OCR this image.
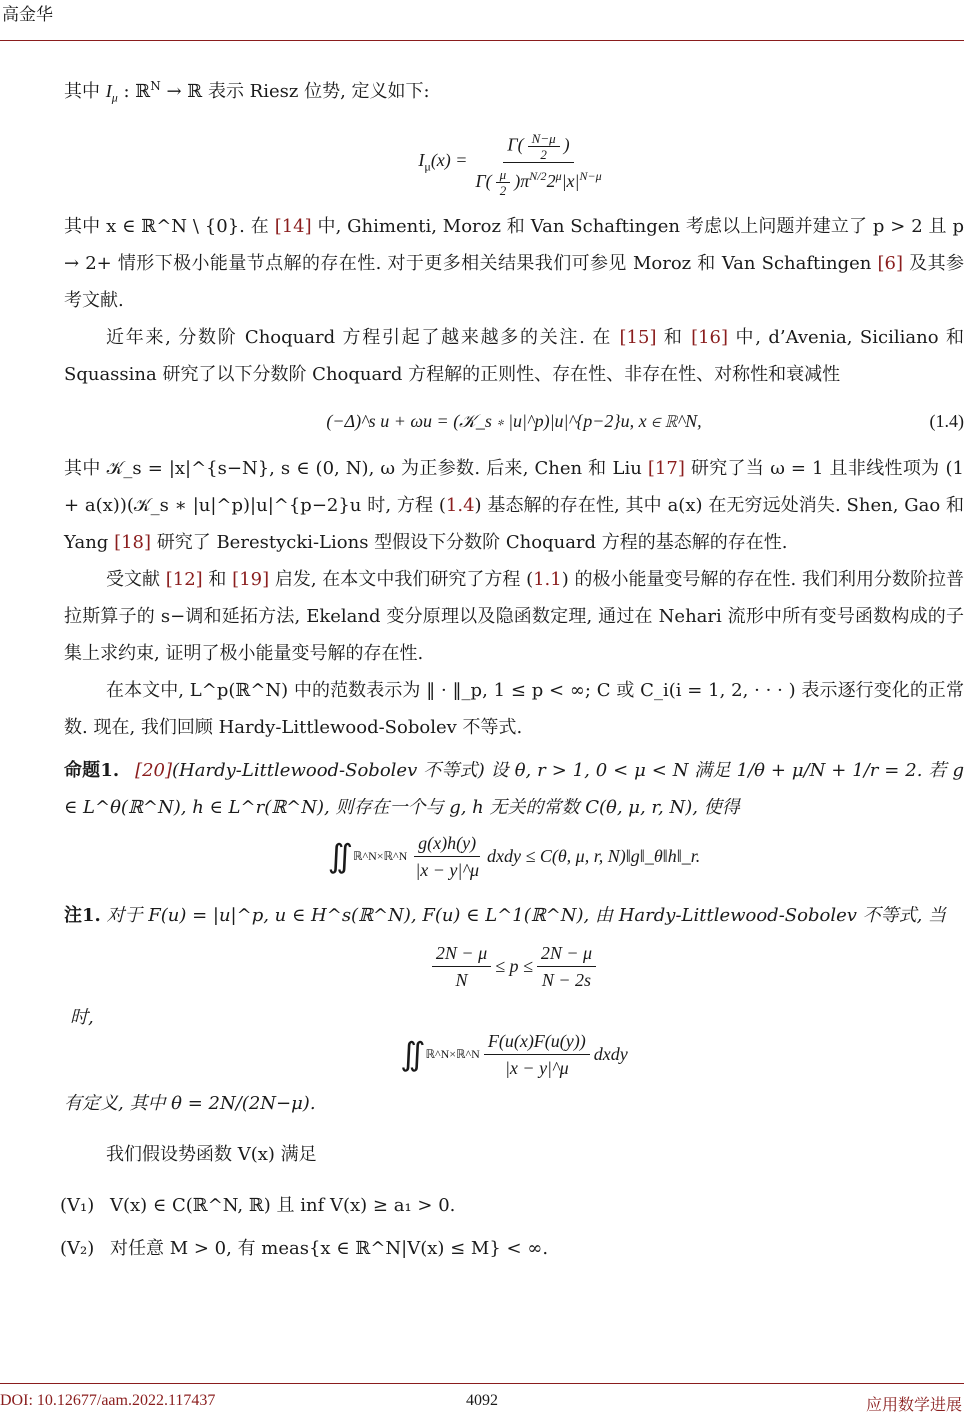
高金华

其中 $I_\mu$ : ℝ$^N$ → ℝ 表示 Riesz 位势, 定义如下:

$I_\mu(x) = \frac{\Gamma( \frac{N-\mu}{2} )}{\Gamma( \frac{\mu}{2} )\pi^{N/2}2^\mu|x|^{N-\mu}}$

其中 x ∈ ℝ^N \ {0}. 在 [14] 中, Ghimenti, Moroz 和 Van Schaftingen 考虑以上问题并建立了 p > 2 且 p → 2+ 情形下极小能量节点解的存在性. 对于更多相关结果我们可参见 Moroz 和 Van Schaftingen [6] 及其参考文献.

近年来, 分数阶 Choquard 方程引起了越来越多的关注. 在 [15] 和 [16] 中, d’Avenia, Siciliano 和 Squassina 研究了以下分数阶 Choquard 方程解的正则性、存在性、非存在性、对称性和衰减性

(−Δ)^s u + ωu = (𝒦_s ∗ |u|^p)|u|^{p−2}u, x ∈ ℝ^N,	(1.4)

其中 𝒦_s = |x|^{s−N}, s ∈ (0, N), ω 为正参数. 后来, Chen 和 Liu [17] 研究了当 ω = 1 且非线性项为 (1 + a(x))(𝒦_s ∗ |u|^p)|u|^{p−2}u 时, 方程 (1.4) 基态解的存在性, 其中 a(x) 在无穷远处消失. Shen, Gao 和 Yang [18] 研究了 Berestycki-Lions 型假设下分数阶 Choquard 方程的基态解的存在性.

受文献 [12] 和 [19] 启发, 在本文中我们研究了方程 (1.1) 的极小能量变号解的存在性. 我们利用分数阶拉普拉斯算子的 s−调和延拓方法, Ekeland 变分原理以及隐函数定理, 通过在 Nehari 流形中所有变号函数构成的子集上求约束, 证明了极小能量变号解的存在性.

在本文中, L^p(ℝ^N) 中的范数表示为 ‖ · ‖_p, 1 ≤ p < ∞; C 或 C_i(i = 1, 2, · · · ) 表示逐行变化的正常数. 现在, 我们回顾 Hardy-Littlewood-Sobolev 不等式.

命题1. [20](Hardy-Littlewood-Sobolev 不等式) 设 θ, r > 1, 0 < μ < N 满足 1/θ + μ/N + 1/r = 2. 若 g ∈ L^θ(ℝ^N), h ∈ L^r(ℝ^N), 则存在一个与 g, h 无关的常数 C(θ, μ, r, N), 使得

∬ ℝ^N×ℝ^N $\frac{g(x)h(y)}{|x - y|\^{}\mu}$ dxdy ≤ C(θ, μ, r, N)‖g‖_θ‖h‖_r.

注1. 对于 F(u) = |u|^p, u ∈ H^s(ℝ^N), F(u) ∈ L^1(ℝ^N), 由 Hardy-Littlewood-Sobolev 不等式, 当

$\frac{2N - \mu}{N} \le p \le \frac{2N - \mu}{N - 2s}$

时,

∬ ℝ^N×ℝ^N $\frac{F(u(x)F(u(y))}{|x - y|\^{}\mu}$ dxdy

有定义, 其中 θ = 2N/(2N−μ).

我们假设势函数 V(x) 满足

(V₁) V(x) ∈ C(ℝ^N, ℝ) 且 inf V(x) ≥ a₁ > 0.

(V₂) 对任意 M > 0, 有 meas{x ∈ ℝ^N|V(x) ≤ M} < ∞.

DOI: 10.12677/aam.2022.117437	4092	应用数学进展
